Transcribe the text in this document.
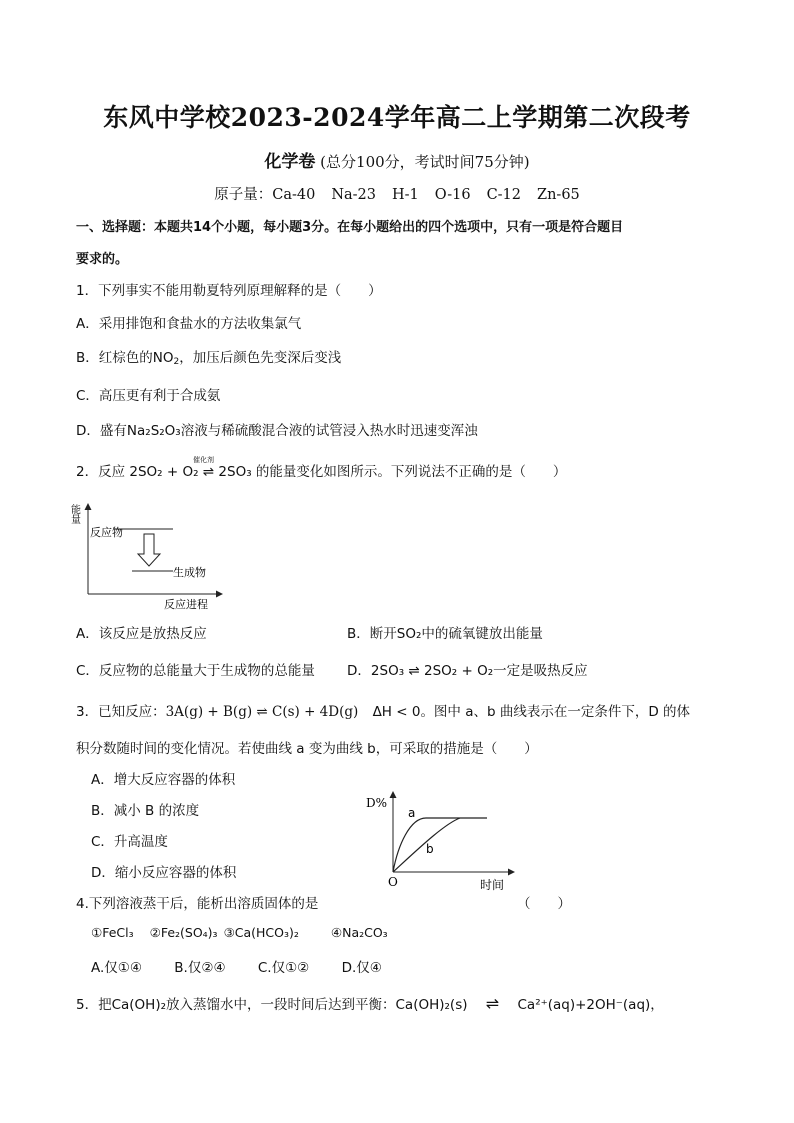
东风中学校2023-2024学年高二上学期第二次段考
化学卷 (总分100分，考试时间75分钟)
原子量：Ca-40 Na-23 H-1 O-16 C-12 Zn-65
一、选择题：本题共14个小题，每小题3分。在每小题给出的四个选项中，只有一项是符合题目
要求的。
1．下列事实不能用勒夏特列原理解释的是（　　）
A．采用排饱和食盐水的方法收集氯气
B．红棕色的$NO_2$，加压后颜色先变深后变浅
C．高压更有利于合成氨
D．盛有Na₂S₂O₃溶液与稀硫酸混合液的试管浸入热水时迅速变浑浊
2．反应 2SO₂ + O₂ ⇌ 2SO₃ 的能量变化如图所示。下列说法不正确的是（　　）
催化剂
能量
反应物
生成物
反应进程
A．该反应是放热反应	B．断开SO₂中的硫氧键放出能量
C．反应物的总能量大于生成物的总能量 D．2SO₃ ⇌ 2SO₂ + O₂一定是吸热反应
3．已知反应：3A(g) + B(g) ⇌ C(s) + 4D(g) ΔH < 0。图中 a、b 曲线表示在一定条件下，D 的体
积分数随时间的变化情况。若使曲线 a 变为曲线 b，可采取的措施是（　　）
A．增大反应容器的体积
B．减小 B 的浓度
C．升高温度
D．缩小反应容器的体积
D%
a
b
O	时间
4.下列溶液蒸干后，能析出溶质固体的是	（　　）
①FeCl₃ ②Fe₂(SO₄)₃ ③Ca(HCO₃)₂	④Na₂CO₃
A.仅①④ B.仅②④ C.仅①② D.仅④
5．把Ca(OH)₂放入蒸馏水中，一段时间后达到平衡：Ca(OH)₂(s) ⇌ Ca²⁺(aq)+2OH⁻(aq)，
